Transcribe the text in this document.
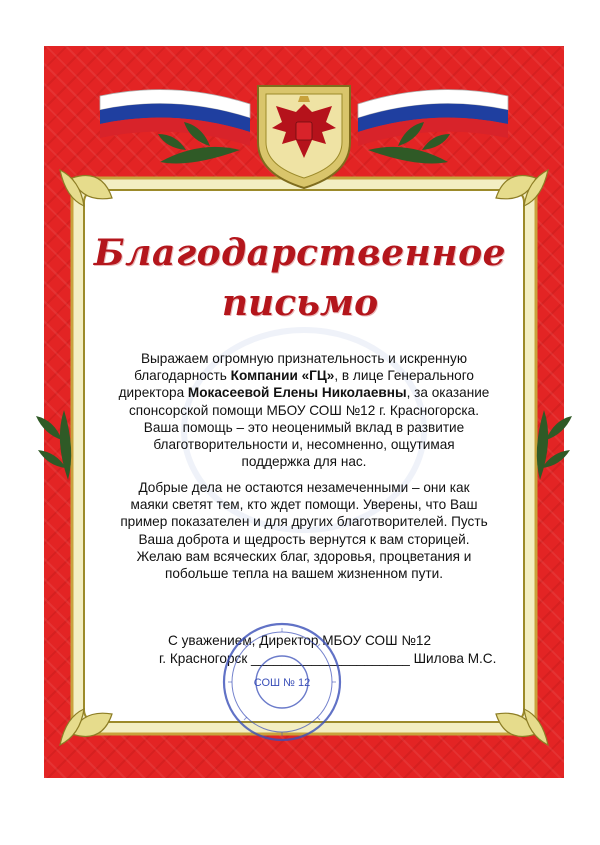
Благодарственное
письмо
Выражаем огромную признательность и искренную благодарность Компании «ГЦ», в лице Генерального директора Мокасеевой Елены Николаевны, за оказание спонсорской помощи МБОУ СОШ №12 г. Красногорска. Ваша помощь – это неоценимый вклад в развитие благотворительности и, несомненно, ощутимая поддержка для нас.
Добрые дела не остаются незамеченными – они как маяки светят тем, кто ждет помощи. Уверены, что Ваш пример показателен и для других благотворителей. Пусть Ваша доброта и щедрость вернутся к вам сторицей. Желаю вам всяческих благ, здоровья, процветания и побольше тепла на вашем жизненном пути.
С уважением, Директор МБОУ СОШ №12
г. Красногорск _____________________ Шилова М.С.
СОШ № 12
